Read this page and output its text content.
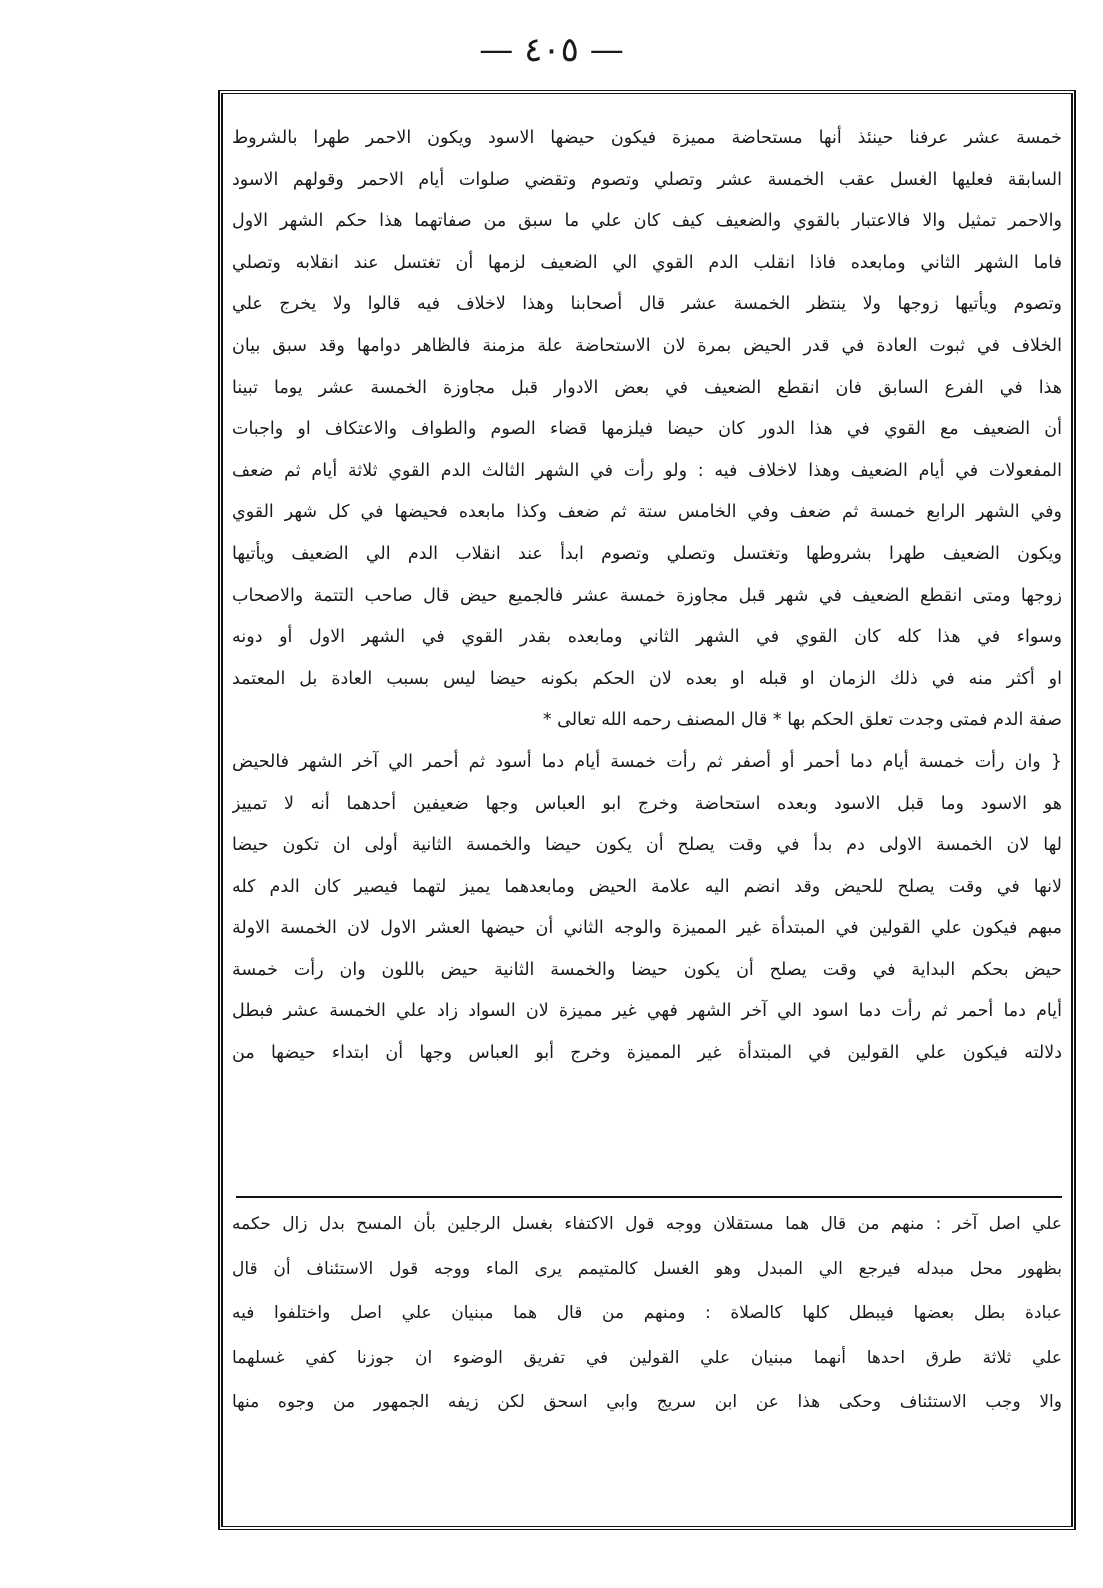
— ٤٠٥ —
خمسة عشر عرفنا حينئذ أنها مستحاضة مميزة فيكون حيضها الاسود ويكون الاحمر طهرا بالشروط
السابقة فعليها الغسل عقب الخمسة عشر وتصلي وتصوم وتقضي صلوات أيام الاحمر وقولهم الاسود
والاحمر تمثيل والا فالاعتبار بالقوي والضعيف كيف كان علي ما سبق من صفاتهما هذا حكم الشهر الاول
فاما الشهر الثاني ومابعده فاذا انقلب الدم القوي الي الضعيف لزمها أن تغتسل عند انقلابه وتصلي
وتصوم ويأتيها زوجها ولا ينتظر الخمسة عشر قال أصحابنا وهذا لاخلاف فيه قالوا ولا يخرج علي
الخلاف في ثبوت العادة في قدر الحيض بمرة لان الاستحاضة علة مزمنة فالظاهر دوامها وقد سبق بيان
هذا في الفرع السابق فان انقطع الضعيف في بعض الادوار قبل مجاوزة الخمسة عشر يوما تبينا
أن الضعيف مع القوي في هذا الدور كان حيضا فيلزمها قضاء الصوم والطواف والاعتكاف او واجبات
المفعولات في أيام الضعيف وهذا لاخلاف فيه : ولو رأت في الشهر الثالث الدم القوي ثلاثة أيام ثم ضعف
وفي الشهر الرابع خمسة ثم ضعف وفي الخامس ستة ثم ضعف وكذا مابعده فحيضها في كل شهر القوي
ويكون الضعيف طهرا بشروطها وتغتسل وتصلي وتصوم ابدأ عند انقلاب الدم الي الضعيف ويأتيها
زوجها ومتى انقطع الضعيف في شهر قبل مجاوزة خمسة عشر فالجميع حيض قال صاحب التتمة والاصحاب
وسواء في هذا كله كان القوي في الشهر الثاني ومابعده بقدر القوي في الشهر الاول أو دونه
او أكثر منه في ذلك الزمان او قبله او بعده لان الحكم بكونه حيضا ليس بسبب العادة بل المعتمد
صفة الدم فمتى وجدت تعلق الحكم بها * قال المصنف رحمه الله تعالى *
{ وان رأت خمسة أيام دما أحمر أو أصفر ثم رأت خمسة أيام دما أسود ثم أحمر الي آخر الشهر فالحيض
هو الاسود وما قبل الاسود وبعده استحاضة وخرج ابو العباس وجها ضعيفين أحدهما أنه لا تمييز
لها لان الخمسة الاولى دم بدأ في وقت يصلح أن يكون حيضا والخمسة الثانية أولى ان تكون حيضا
لانها في وقت يصلح للحيض وقد انضم اليه علامة الحيض ومابعدهما يميز لتهما فيصير كان الدم كله
مبهم فيكون علي القولين في المبتدأة غير المميزة والوجه الثاني أن حيضها العشر الاول لان الخمسة الاولة
حيض بحكم البداية في وقت يصلح أن يكون حيضا والخمسة الثانية حيض باللون وان رأت خمسة
أيام دما أحمر ثم رأت دما اسود الي آخر الشهر فهي غير مميزة لان السواد زاد علي الخمسة عشر فبطل
دلالته فيكون علي القولين في المبتدأة غير المميزة وخرج أبو العباس وجها أن ابتداء حيضها من
علي اصل آخر : منهم من قال هما مستقلان ووجه قول الاكتفاء بغسل الرجلين بأن المسح بدل زال حكمه
بظهور محل مبدله فيرجع الي المبدل وهو الغسل كالمتيمم يرى الماء ووجه قول الاستئناف أن قال
عبادة بطل بعضها فيبطل كلها كالصلاة : ومنهم من قال هما مبنيان علي اصل واختلفوا فيه
علي ثلاثة طرق احدها أنهما مبنيان علي القولين في تفريق الوضوء ان جوزنا كفي غسلهما
والا وجب الاستئناف وحكى هذا عن ابن سريج وابي اسحق لكن زيفه الجمهور من وجوه منها
